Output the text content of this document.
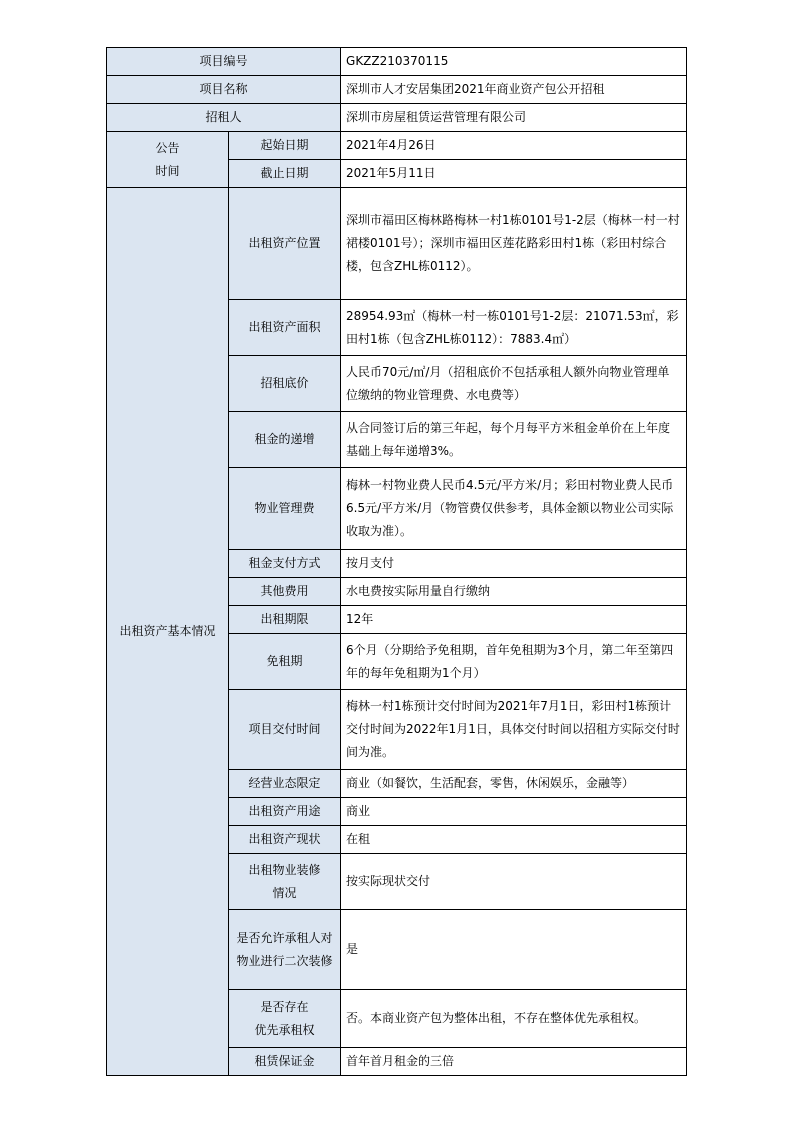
项目编号		GKZZ210370115
项目名称		深圳市人才安居集团2021年商业资产包公开招租
招租人		深圳市房屋租赁运营管理有限公司

公告
时间	起始日期	2021年4月26日
	截止日期	2021年5月11日
出租资产基本情况	出租资产位置	深圳市福田区梅林路梅林一村1栋0101号1-2层（梅林一村一村裙楼0101号）；深圳市福田区莲花路彩田村1栋（彩田村综合楼，包含ZHL栋0112）。
	出租资产面积	28954.93㎡（梅林一村一栋0101号1-2层：21071.53㎡，彩田村1栋（包含ZHL栋0112）：7883.4㎡）
	招租底价	人民币70元/㎡/月（招租底价不包括承租人额外向物业管理单位缴纳的物业管理费、水电费等）
	租金的递增	从合同签订后的第三年起，每个月每平方米租金单价在上年度基础上每年递增3%。
	物业管理费	梅林一村物业费人民币4.5元/平方米/月；彩田村物业费人民币6.5元/平方米/月（物管费仅供参考，具体金额以物业公司实际收取为准）。
	租金支付方式	按月支付
	其他费用	水电费按实际用量自行缴纳
	出租期限	12年
	免租期	6个月（分期给予免租期，首年免租期为3个月，第二年至第四年的每年免租期为1个月）
	项目交付时间	梅林一村1栋预计交付时间为2021年7月1日，彩田村1栋预计交付时间为2022年1月1日，具体交付时间以招租方实际交付时间为准。
	经营业态限定	商业（如餐饮，生活配套，零售，休闲娱乐，金融等）
	出租资产用途	商业
	出租资产现状	在租

	出租物业装修
情况	按实际现状交付
	是否允许承租人对物业进行二次装修	是

	是否存在
优先承租权	否。本商业资产包为整体出租，不存在整体优先承租权。
	租赁保证金	首年首月租金的三倍
